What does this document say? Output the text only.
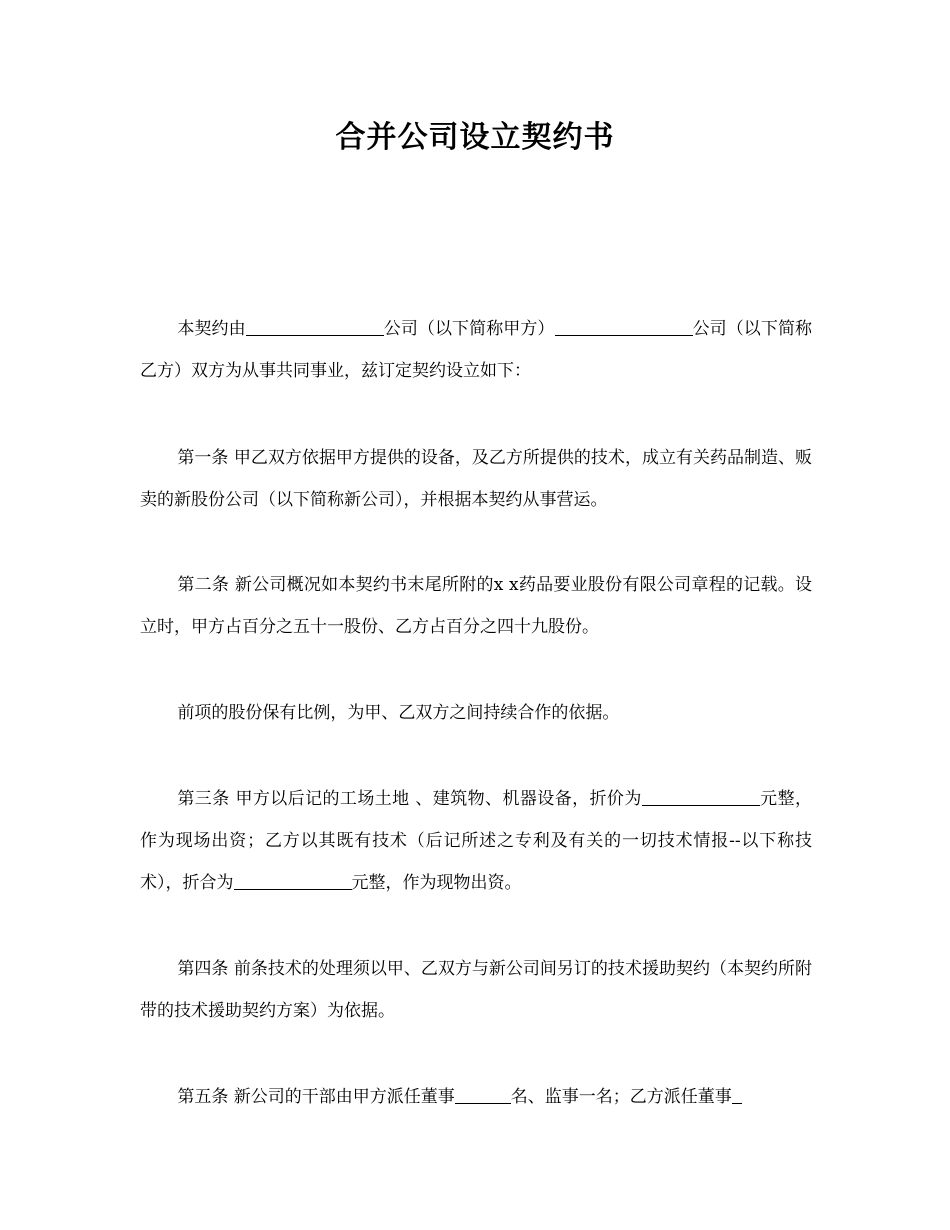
合并公司设立契约书

本契约由	公司（以下简称甲方）	公司（以下简称乙方）双方为从事共同事业，兹订定契约设立如下：

第一条 甲乙双方依据甲方提供的设备，及乙方所提供的技术，成立有关药品制造、贩卖的新股份公司（以下简称新公司），并根据本契约从事营运。

第二条 新公司概况如本契约书末尾所附的x x药品要业股份有限公司章程的记载。设立时，甲方占百分之五十一股份、乙方占百分之四十九股份。

前项的股份保有比例，为甲、乙双方之间持续合作的依据。

第三条 甲方以后记的工场土地 、建筑物、机器设备，折价为	元整，作为现场出资；乙方以其既有技术（后记所述之专利及有关的一切技术情报--以下称技术），折合为	元整，作为现物出资。

第四条 前条技术的处理须以甲、乙双方与新公司间另订的技术援助契约（本契约所附带的技术援助契约方案）为依据。

第五条 新公司的干部由甲方派任董事	名、监事一名；乙方派任董事
